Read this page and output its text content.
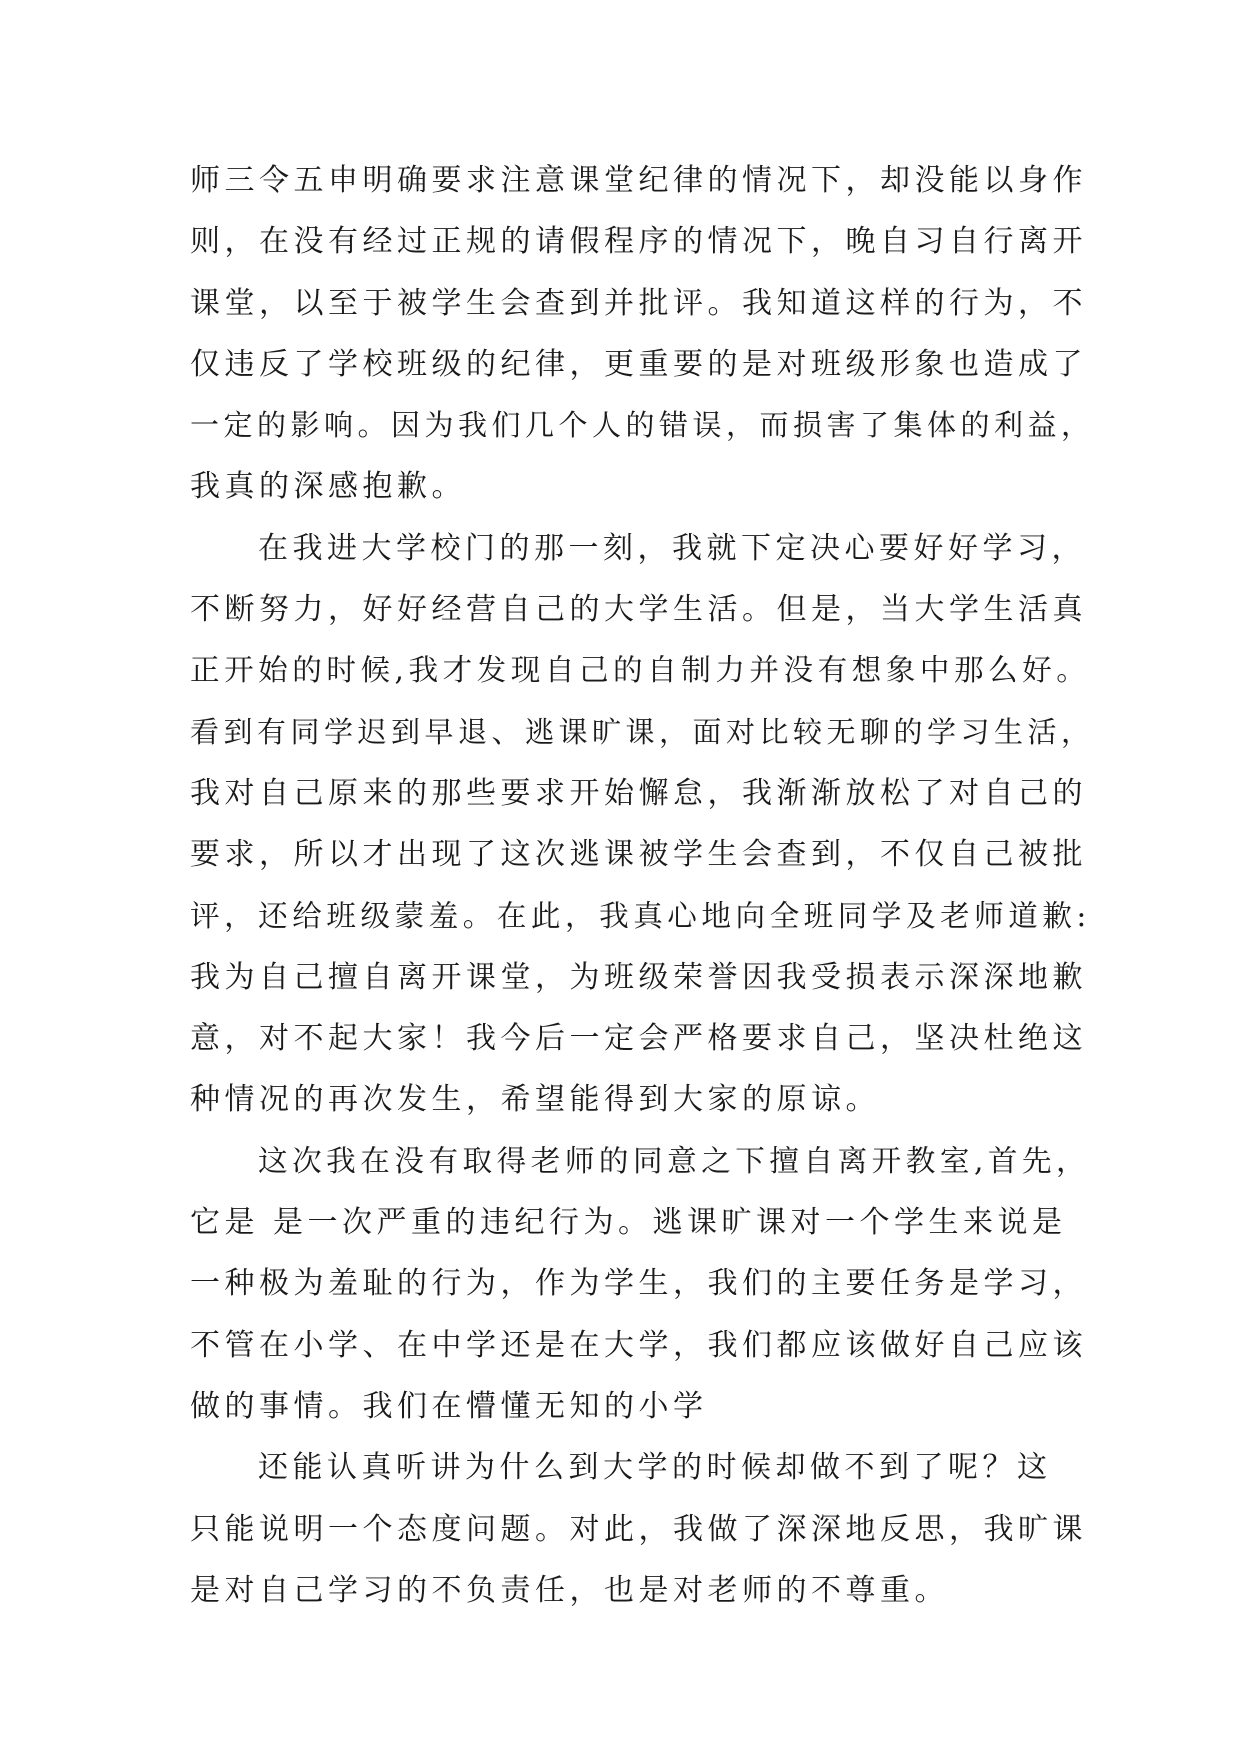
师三令五申明确要求注意课堂纪律的情况下，却没能以身作
则，在没有经过正规的请假程序的情况下，晚自习自行离开
课堂，以至于被学生会查到并批评。我知道这样的行为，不
仅违反了学校班级的纪律，更重要的是对班级形象也造成了
一定的影响。因为我们几个人的错误，而损害了集体的利益，
我真的深感抱歉。
在我进大学校门的那一刻，我就下定决心要好好学习，
不断努力，好好经营自己的大学生活。但是，当大学生活真
正开始的时候,我才发现自己的自制力并没有想象中那么好。
看到有同学迟到早退、逃课旷课，面对比较无聊的学习生活，
我对自己原来的那些要求开始懈怠，我渐渐放松了对自己的
要求，所以才出现了这次逃课被学生会查到，不仅自己被批
评，还给班级蒙羞。在此，我真心地向全班同学及老师道歉:
我为自己擅自离开课堂，为班级荣誉因我受损表示深深地歉
意，对不起大家！我今后一定会严格要求自己，坚决杜绝这
种情况的再次发生，希望能得到大家的原谅。
这次我在没有取得老师的同意之下擅自离开教室,首先，
它是 是一次严重的违纪行为。逃课旷课对一个学生来说是
一种极为羞耻的行为，作为学生，我们的主要任务是学习，
不管在小学、在中学还是在大学，我们都应该做好自己应该
做的事情。我们在懵懂无知的小学
还能认真听讲为什么到大学的时候却做不到了呢？这
只能说明一个态度问题。对此，我做了深深地反思，我旷课
是对自己学习的不负责任，也是对老师的不尊重。
